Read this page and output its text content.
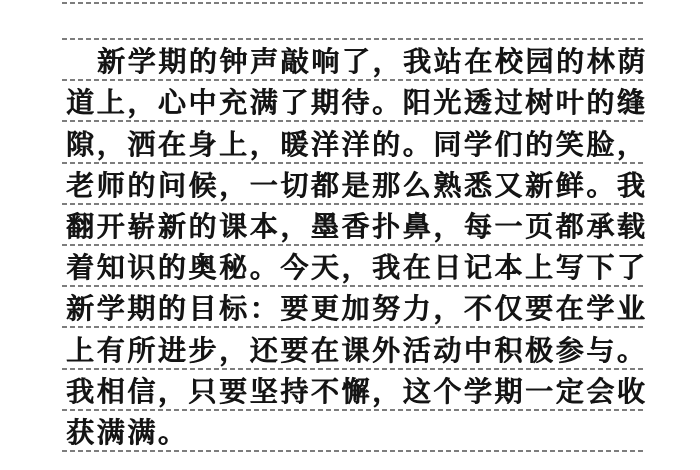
新学期的钟声敲响了，我站在校园的林荫
道上，心中充满了期待。阳光透过树叶的缝
隙，洒在身上，暖洋洋的。同学们的笑脸，
老师的问候，一切都是那么熟悉又新鲜。我
翻开崭新的课本，墨香扑鼻，每一页都承载
着知识的奥秘。今天，我在日记本上写下了
新学期的目标：要更加努力，不仅要在学业
上有所进步，还要在课外活动中积极参与。
我相信，只要坚持不懈，这个学期一定会收
获满满。
